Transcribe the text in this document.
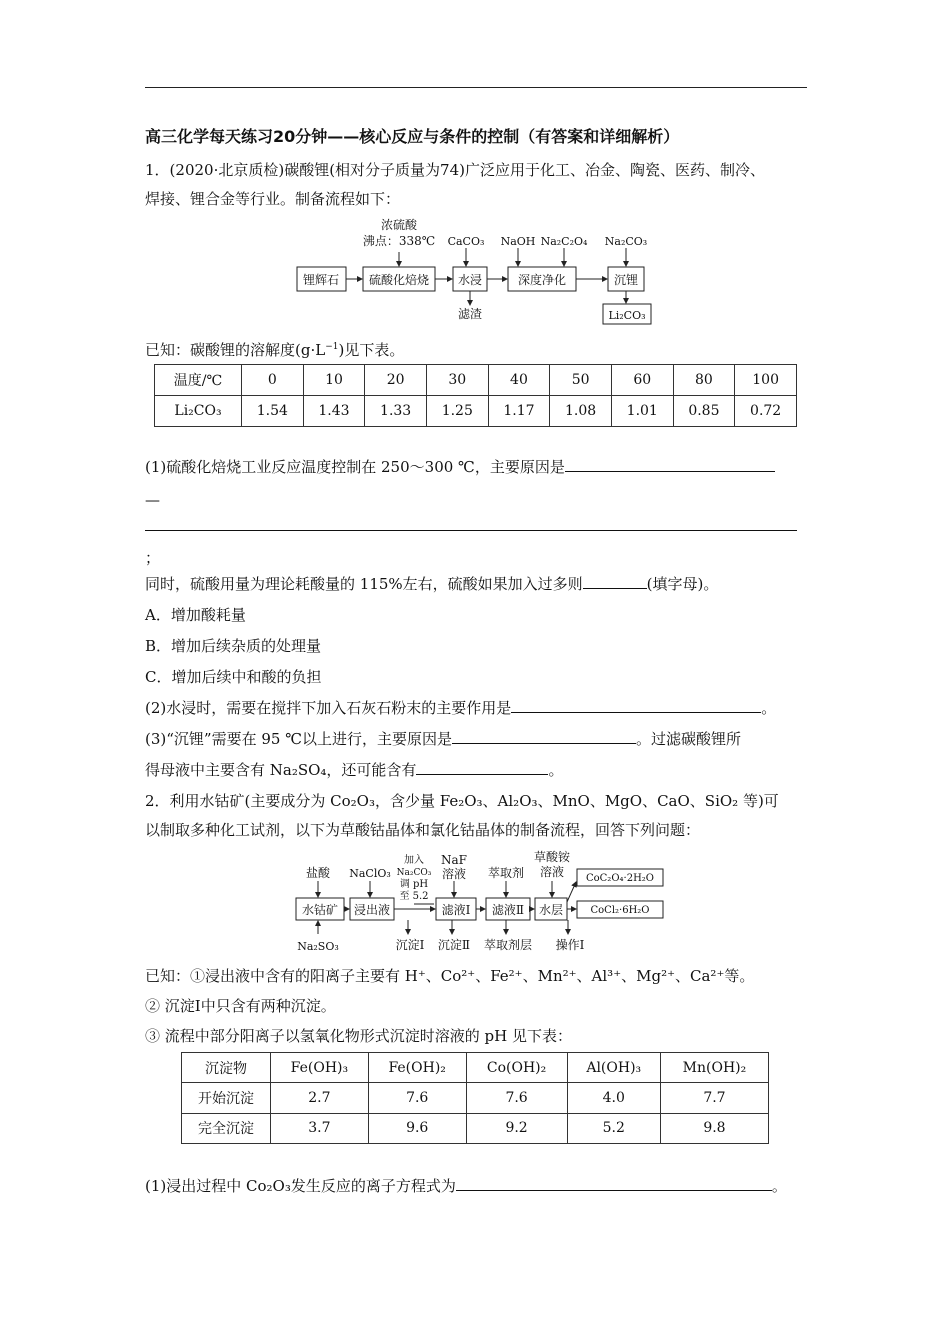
高三化学每天练习20分钟——核心反应与条件的控制（有答案和详细解析）
1．(2020·北京质检)碳酸锂(相对分子质量为74)广泛应用于化工、冶金、陶瓷、医药、制冷、
焊接、锂合金等行业。制备流程如下：
锂辉石 硫酸化焙烧 水浸	深度净化	沉锂
Li₂CO₃
浓硫酸
沸点：338℃ CaCO₃ NaOH Na₂C₂O₄ Na₂CO₃
滤渣
已知：碳酸锂的溶解度$(g\cdot L^{-1})$见下表。
温度/℃	0	10	20	30	40	50	60	80	100
Li₂CO₃	1.54	1.43	1.33	1.25	1.17	1.08	1.01	0.85	0.72
(1)硫酸化焙烧工业反应温度控制在 250～300 ℃，主要原因是
—
；
同时，硫酸用量为理论耗酸量的 115%左右，硫酸如果加入过多则	(填字母)。
A．增加酸耗量
B．增加后续杂质的处理量
C．增加后续中和酸的负担
(2)水浸时，需要在搅拌下加入石灰石粉末的主要作用是	。
(3)“沉锂”需要在 95 ℃以上进行，主要原因是	。过滤碳酸锂所
得母液中主要含有 Na₂SO₄，还可能含有	。
2．利用水钴矿(主要成分为 Co₂O₃，含少量 Fe₂O₃、Al₂O₃、MnO、MgO、CaO、SiO₂ 等)可
以制取多种化工试剂，以下为草酸钴晶体和氯化钴晶体的制备流程，回答下列问题：
水钴矿 浸出液	滤液Ⅰ 滤液Ⅱ 水层
CoC₂O₄·2H₂O
CoCl₂·6H₂O
盐酸 NaClO₃
加入
Na₂CO₃
调 pH
至 5.2
NaF
溶液 萃取剂
草酸铵
溶液
Na₂SO₃	沉淀Ⅰ 沉淀Ⅱ 萃取剂层 操作Ⅰ
已知：①浸出液中含有的阳离子主要有 H⁺、Co²⁺、Fe²⁺、Mn²⁺、Al³⁺、Mg²⁺、Ca²⁺等。
② 沉淀Ⅰ中只含有两种沉淀。
③ 流程中部分阳离子以氢氧化物形式沉淀时溶液的 pH 见下表：
沉淀物	Fe(OH)₃	Fe(OH)₂	Co(OH)₂	Al(OH)₃	Mn(OH)₂
开始沉淀	2.7	7.6	7.6	4.0	7.7
完全沉淀	3.7	9.6	9.2	5.2	9.8
(1)浸出过程中 Co₂O₃发生反应的离子方程式为	。
